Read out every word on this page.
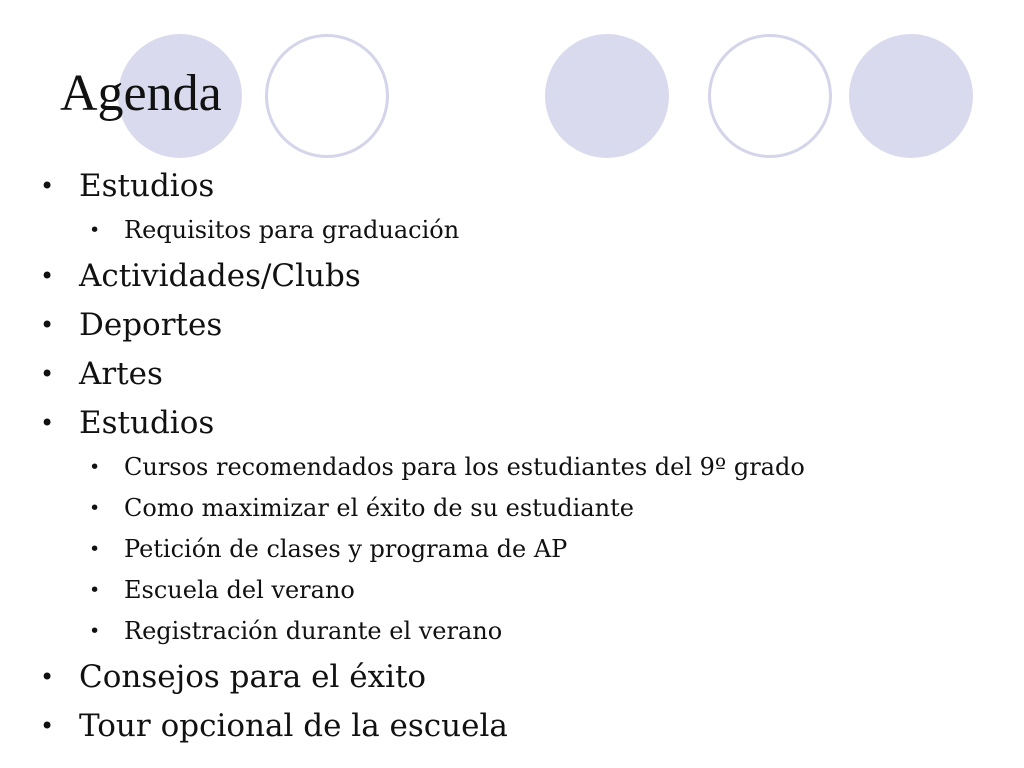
Agenda
• Estudios
• Requisitos para graduación
• Actividades/Clubs
• Deportes
• Artes
• Estudios
• Cursos recomendados para los estudiantes del 9º grado
• Como maximizar el éxito de su estudiante
• Petición de clases y programa de AP
• Escuela del verano
• Registración durante el verano
• Consejos para el éxito
• Tour opcional de la escuela
